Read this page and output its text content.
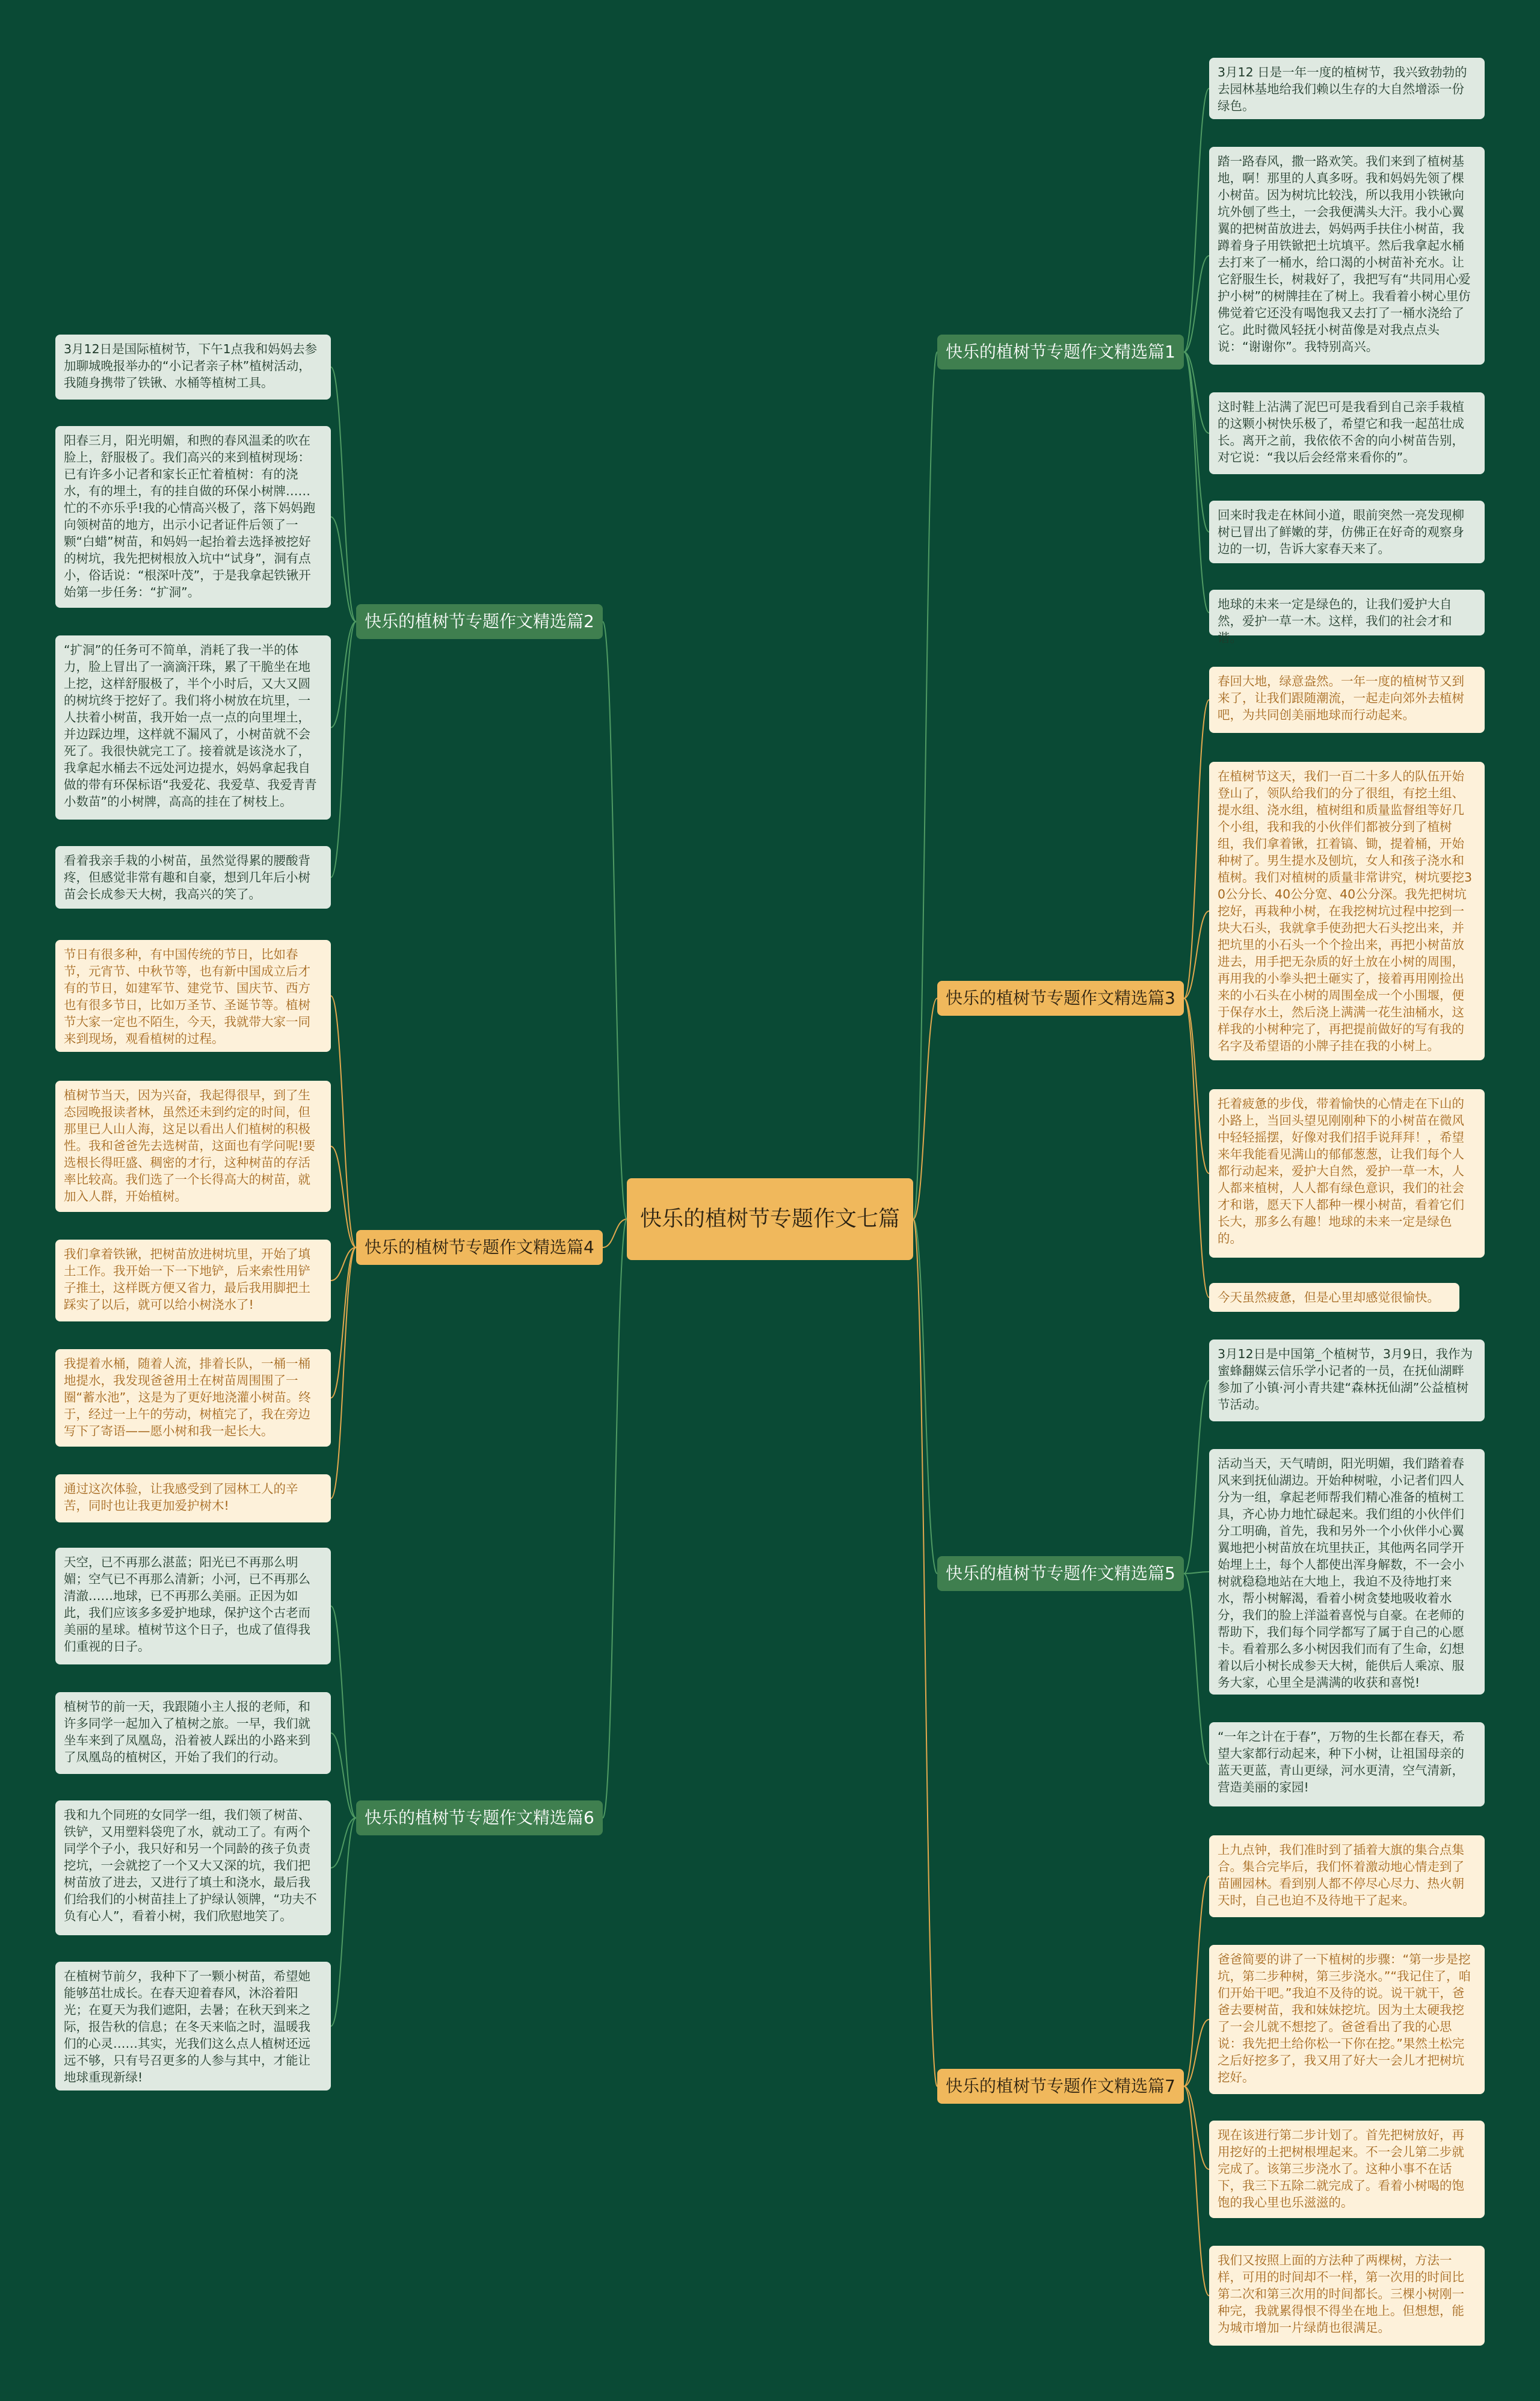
快乐的植树节专题作文七篇
快乐的植树节专题作文精选篇1
3月12 日是一年一度的植树节，我兴致勃勃的去园林基地给我们赖以生存的大自然增添一份绿色。
踏一路春风，撒一路欢笑。我们来到了植树基地，啊！那里的人真多呀。我和妈妈先领了棵小树苗。因为树坑比较浅，所以我用小铁锹向坑外刨了些土，一会我便满头大汗。我小心翼翼的把树苗放进去，妈妈两手扶住小树苗，我蹲着身子用铁锨把土坑填平。然后我拿起水桶去打来了一桶水，给口渴的小树苗补充水。让它舒服生长，树栽好了，我把写有“共同用心爱护小树”的树牌挂在了树上。我看着小树心里仿佛觉着它还没有喝饱我又去打了一桶水浇给了它。此时微风轻抚小树苗像是对我点点头说：“谢谢你”。我特别高兴。
这时鞋上沾满了泥巴可是我看到自己亲手栽植的这颗小树快乐极了，希望它和我一起茁壮成长。离开之前，我依依不舍的向小树苗告别，对它说：“我以后会经常来看你的”。
回来时我走在林间小道，眼前突然一亮发现柳树已冒出了鲜嫩的芽，仿佛正在好奇的观察身边的一切，告诉大家春天来了。
地球的未来一定是绿色的，让我们爱护大自然，爱护一草一木。这样，我们的社会才和谐。
快乐的植树节专题作文精选篇2
3月12日是国际植树节，下午1点我和妈妈去参加聊城晚报举办的“小记者亲子林”植树活动，我随身携带了铁锹、水桶等植树工具。
阳春三月，阳光明媚，和煦的春风温柔的吹在脸上，舒服极了。我们高兴的来到植树现场：已有许多小记者和家长正忙着植树：有的浇水，有的埋土，有的挂自做的环保小树牌……忙的不亦乐乎!我的心情高兴极了，落下妈妈跑向领树苗的地方，出示小记者证件后领了一颗“白蜡”树苗，和妈妈一起抬着去选择被挖好的树坑，我先把树根放入坑中“试身”，洞有点小，俗话说：“根深叶茂”，于是我拿起铁锹开始第一步任务：“扩洞”。
“扩洞”的任务可不简单，消耗了我一半的体力，脸上冒出了一滴滴汗珠，累了干脆坐在地上挖，这样舒服极了，半个小时后，又大又圆的树坑终于挖好了。我们将小树放在坑里，一人扶着小树苗，我开始一点一点的向里埋土，并边踩边埋，这样就不漏风了，小树苗就不会死了。我很快就完工了。接着就是该浇水了，我拿起水桶去不远处河边提水，妈妈拿起我自做的带有环保标语“我爱花、我爱草、我爱青青小数苗”的小树牌，高高的挂在了树枝上。
看着我亲手栽的小树苗，虽然觉得累的腰酸背疼，但感觉非常有趣和自豪，想到几年后小树苗会长成参天大树，我高兴的笑了。
快乐的植树节专题作文精选篇3
春回大地，绿意盎然。一年一度的植树节又到来了，让我们跟随潮流，一起走向郊外去植树吧，为共同创美丽地球而行动起来。
在植树节这天，我们一百二十多人的队伍开始登山了，领队给我们的分了很组，有挖土组、提水组、浇水组，植树组和质量监督组等好几个小组，我和我的小伙伴们都被分到了植树组，我们拿着锹，扛着镐、锄，提着桶，开始种树了。男生提水及刨坑，女人和孩子浇水和植树。我们对植树的质量非常讲究，树坑要挖30公分长、40公分宽、40公分深。我先把树坑挖好，再栽种小树，在我挖树坑过程中挖到一块大石头，我就拿手使劲把大石头挖出来，并把坑里的小石头一个个捡出来，再把小树苗放进去，用手把无杂质的好土放在小树的周围，再用我的小拳头把土砸实了，接着再用刚捡出来的小石头在小树的周围垒成一个小围堰，便于保存水土，然后浇上满满一花生油桶水，这样我的小树种完了，再把提前做好的写有我的名字及希望语的小牌子挂在我的小树上。
托着疲惫的步伐，带着愉快的心情走在下山的小路上，当回头望见刚刚种下的小树苗在微风中轻轻摇摆，好像对我们招手说拜拜！，希望来年我能看见满山的郁郁葱葱，让我们每个人都行动起来，爱护大自然，爱护一草一木，人人都来植树，人人都有绿色意识，我们的社会才和谐，愿天下人都种一棵小树苗，看着它们长大，那多么有趣！地球的未来一定是绿色的。
今天虽然疲惫，但是心里却感觉很愉快。
快乐的植树节专题作文精选篇4
节日有很多种，有中国传统的节日，比如春节，元宵节、中秋节等，也有新中国成立后才有的节日，如建军节、建党节、国庆节、西方也有很多节日，比如万圣节、圣诞节等。植树节大家一定也不陌生，今天，我就带大家一同来到现场，观看植树的过程。
植树节当天，因为兴奋，我起得很早，到了生态园晚报读者林，虽然还未到约定的时间，但那里已人山人海，这足以看出人们植树的积极性。我和爸爸先去选树苗，这面也有学问呢!要选根长得旺盛、稠密的才行，这种树苗的存活率比较高。我们选了一个长得高大的树苗，就加入人群，开始植树。
我们拿着铁锹，把树苗放进树坑里，开始了填土工作。我开始一下一下地铲，后来索性用铲子推土，这样既方便又省力，最后我用脚把土踩实了以后，就可以给小树浇水了!
我提着水桶，随着人流，排着长队，一桶一桶地提水，我发现爸爸用土在树苗周围围了一圈“蓄水池”，这是为了更好地浇灌小树苗。终于，经过一上午的劳动，树植完了，我在旁边写下了寄语——愿小树和我一起长大。
通过这次体验，让我感受到了园林工人的辛苦，同时也让我更加爱护树木!
快乐的植树节专题作文精选篇5
3月12日是中国第_个植树节，3月9日，我作为蜜蜂翻媒云信乐学小记者的一员，在抚仙湖畔参加了小镇·河小青共建“森林抚仙湖”公益植树节活动。
活动当天，天气晴朗，阳光明媚，我们踏着春风来到抚仙湖边。开始种树啦，小记者们四人分为一组，拿起老师帮我们精心准备的植树工具，齐心协力地忙碌起来。我们组的小伙伴们分工明确，首先，我和另外一个小伙伴小心翼翼地把小树苗放在坑里扶正，其他两名同学开始埋上土，每个人都使出浑身解数，不一会小树就稳稳地站在大地上，我迫不及待地打来水，帮小树解渴，看着小树贪婪地吸收着水分，我们的脸上洋溢着喜悦与自豪。在老师的帮助下，我们每个同学都写了属于自己的心愿卡。看着那么多小树因我们而有了生命，幻想着以后小树长成参天大树，能供后人乘凉、服务大家，心里全是满满的收获和喜悦!
“一年之计在于春”，万物的生长都在春天，希望大家都行动起来，种下小树，让祖国母亲的蓝天更蓝，青山更绿，河水更清，空气清新，营造美丽的家园!
快乐的植树节专题作文精选篇6
天空，已不再那么湛蓝；阳光已不再那么明媚；空气已不再那么清新；小河，已不再那么清澈……地球，已不再那么美丽。正因为如此，我们应该多多爱护地球，保护这个古老而美丽的星球。植树节这个日子，也成了值得我们重视的日子。
植树节的前一天，我跟随小主人报的老师，和许多同学一起加入了植树之旅。一早，我们就坐车来到了凤凰岛，沿着被人踩出的小路来到了凤凰岛的植树区，开始了我们的行动。
我和九个同班的女同学一组，我们领了树苗、铁铲，又用塑料袋兜了水，就动工了。有两个同学个子小，我只好和另一个同龄的孩子负责挖坑，一会就挖了一个又大又深的坑，我们把树苗放了进去，又进行了填土和浇水，最后我们给我们的小树苗挂上了护绿认领牌，“功夫不负有心人”，看着小树，我们欣慰地笑了。
在植树节前夕，我种下了一颗小树苗，希望她能够茁壮成长。在春天迎着春风，沐浴着阳光；在夏天为我们遮阳，去暑；在秋天到来之际，报告秋的信息；在冬天来临之时，温暖我们的心灵……其实，光我们这么点人植树还远远不够，只有号召更多的人参与其中，才能让地球重现新绿!	快乐的植树节专题作文精选篇7
上九点钟，我们准时到了插着大旗的集合点集合。集合完毕后，我们怀着激动地心情走到了苗圃园林。看到别人都不停尽心尽力、热火朝天时，自己也迫不及待地干了起来。
爸爸简要的讲了一下植树的步骤：“第一步是挖坑，第二步种树，第三步浇水。”“我记住了，咱们开始干吧。”我迫不及待的说。说干就干，爸爸去要树苗，我和妹妹挖坑。因为土太硬我挖了一会儿就不想挖了。爸爸看出了我的心思说：我先把土给你松一下你在挖。”果然土松完之后好挖多了，我又用了好大一会儿才把树坑挖好。
现在该进行第二步计划了。首先把树放好，再用挖好的土把树根埋起来。不一会儿第二步就完成了。该第三步浇水了。这种小事不在话下，我三下五除二就完成了。看着小树喝的饱饱的我心里也乐滋滋的。
我们又按照上面的方法种了两棵树，方法一样，可用的时间却不一样，第一次用的时间比第二次和第三次用的时间都长。三棵小树刚一种完，我就累得恨不得坐在地上。但想想，能为城市增加一片绿荫也很满足。
